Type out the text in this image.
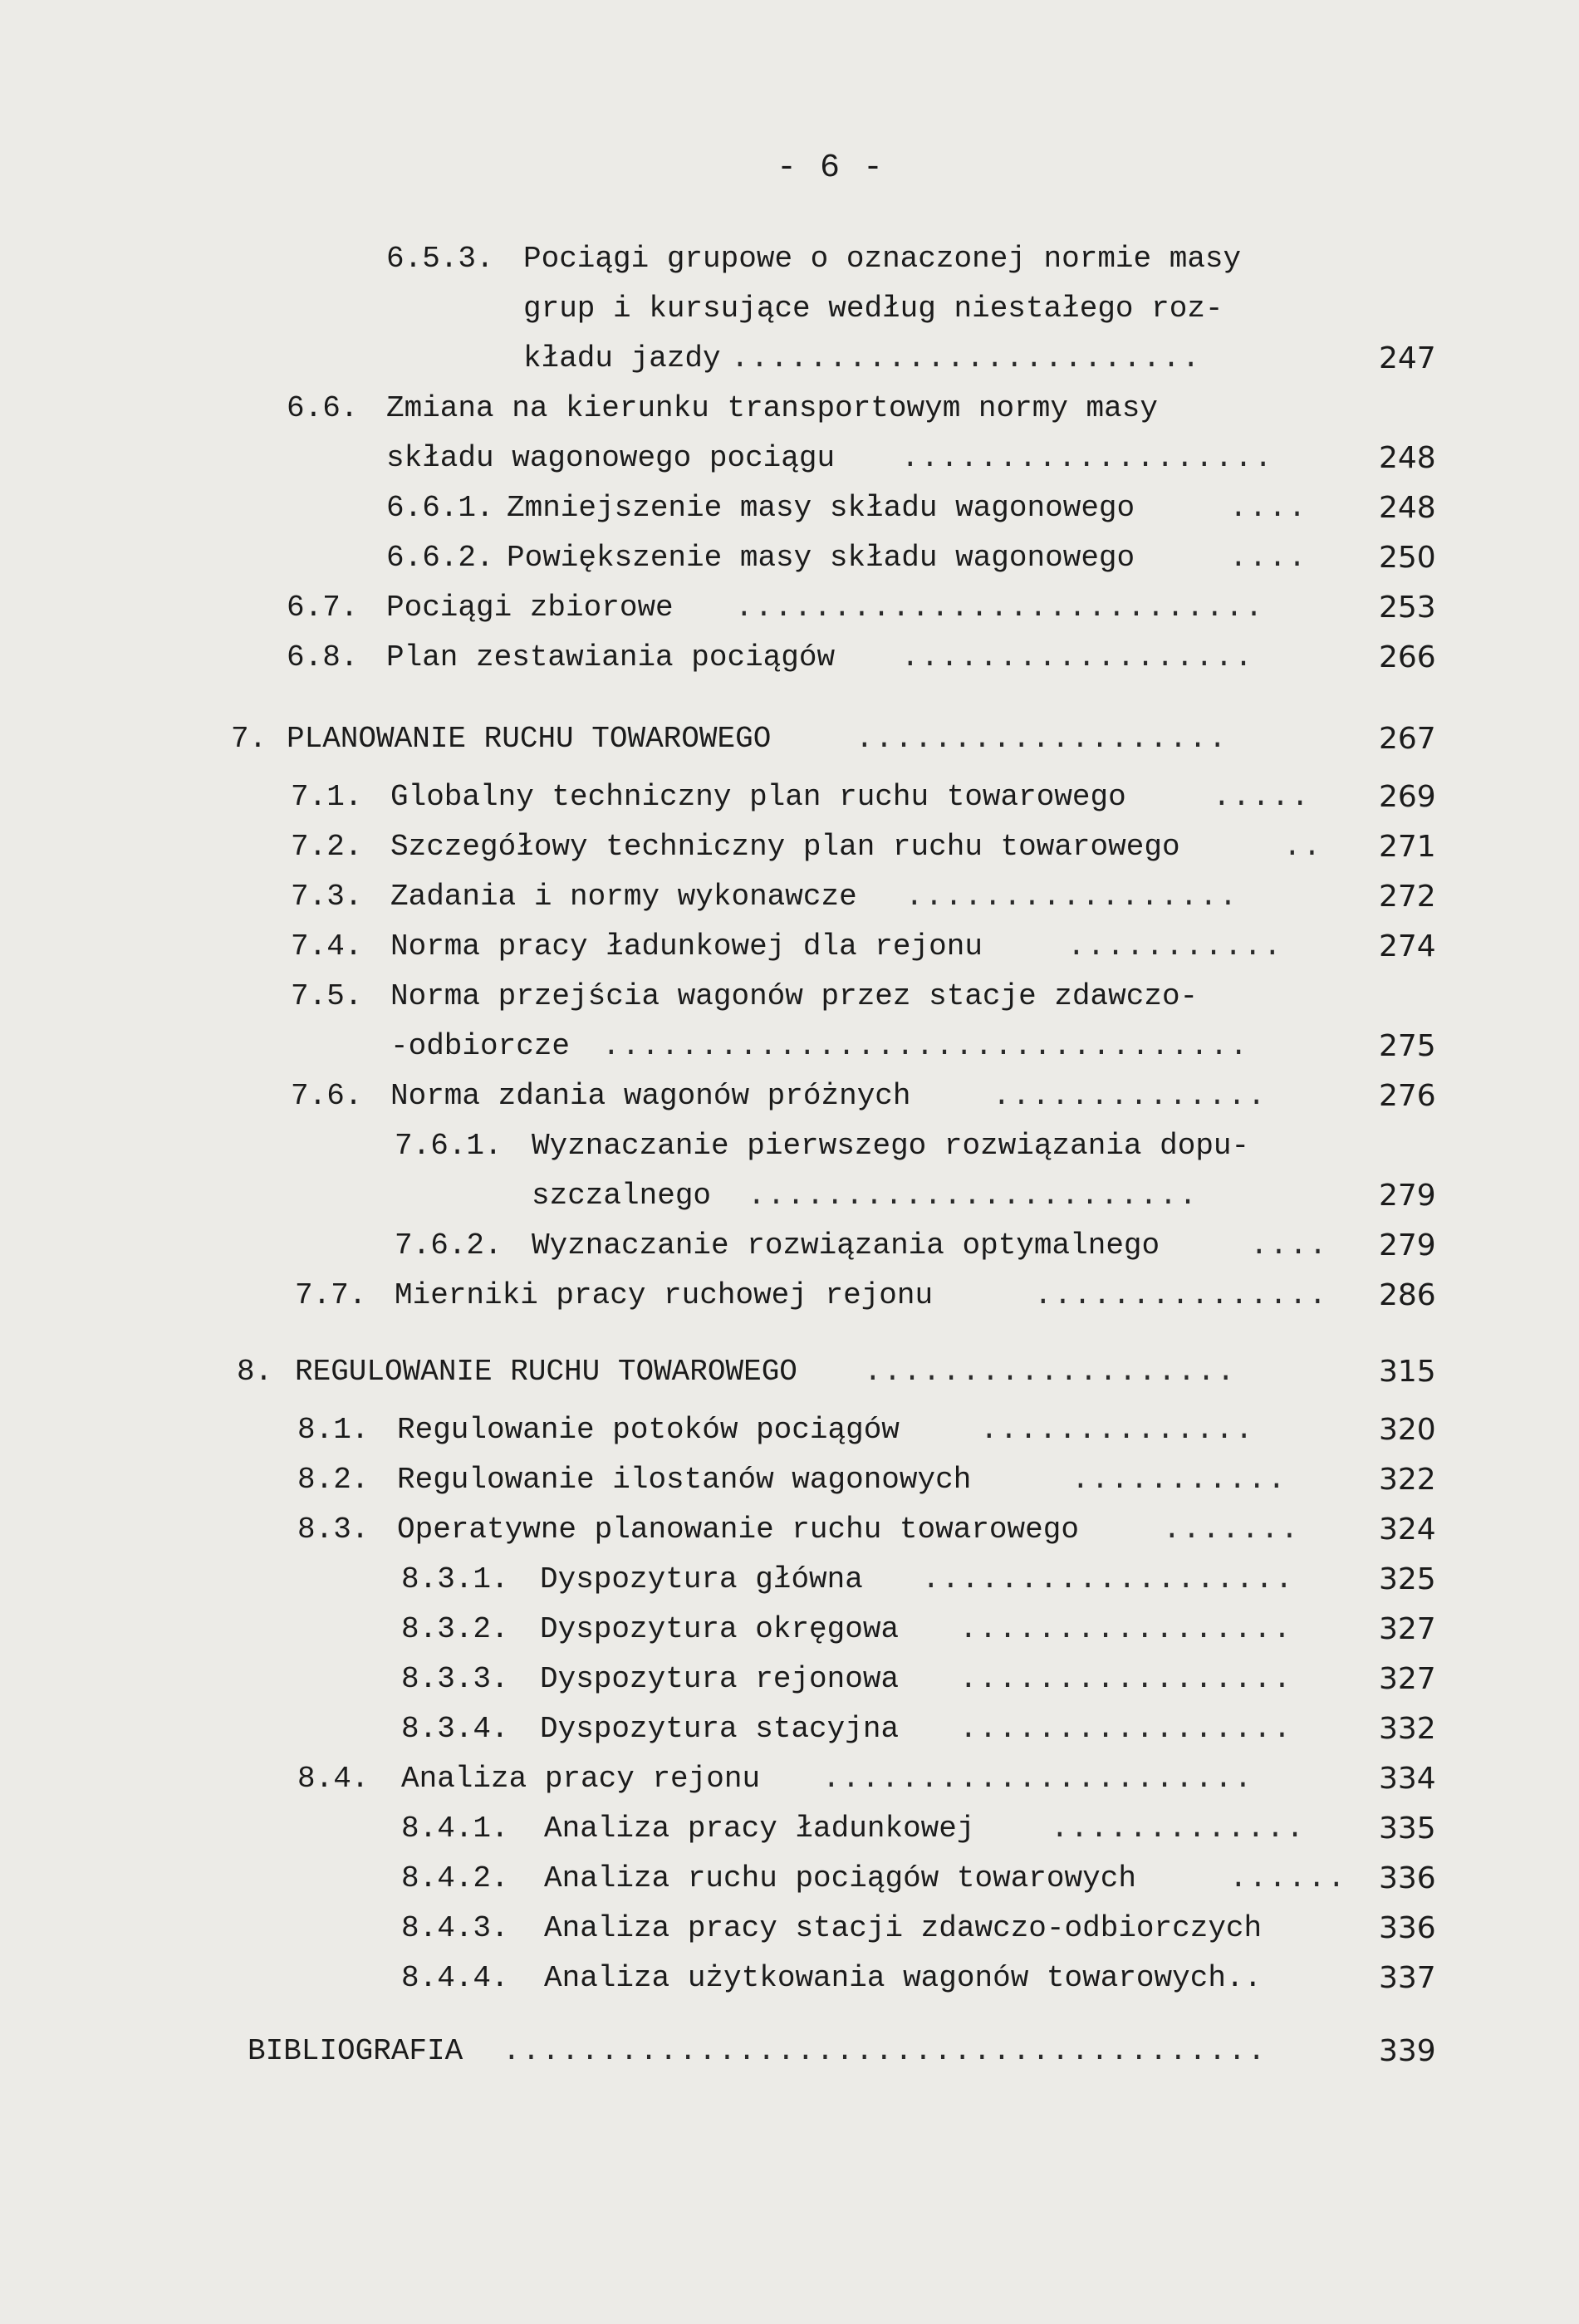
- 6 -
6.5.3. Pociągi grupowe o oznaczonej normie masy
grup i kursujące według niestałego roz-
kładu jazdy ........................	247
6.6. Zmiana na kierunku transportowym normy masy
składu wagonowego pociągu ...................	248
6.6.1. Zmniejszenie masy składu wagonowego	....	248
6.6.2. Powiększenie masy składu wagonowego	....	250
6.7. Pociągi zbiorowe ...........................	253
6.8. Plan zestawiania pociągów ..................	266
7. PLANOWANIE RUCHU TOWAROWEGO	...................	267
7.1. Globalny techniczny plan ruchu towarowego	.....	269
7.2. Szczegółowy techniczny plan ruchu towarowego	.. 271
7.3. Zadania i normy wykonawcze .................	272
7.4. Norma pracy ładunkowej dla rejonu	...........	274
7.5. Norma przejścia wagonów przez stacje zdawczo-
-odbiorcze .................................	275
7.6. Norma zdania wagonów próżnych	..............	276
7.6.1. Wyznaczanie pierwszego rozwiązania dopu-
szczalnego .......................	279
7.6.2. Wyznaczanie rozwiązania optymalnego	.... 279
7.7. Mierniki pracy ruchowej rejonu	............... 286
8. REGULOWANIE RUCHU TOWAROWEGO ...................	315
8.1. Regulowanie potoków pociągów	..............	320
8.2. Regulowanie ilostanów wagonowych	...........	322
8.3. Operatywne planowanie ruchu towarowego	.......	324
8.3.1. Dyspozytura główna ...................	325
8.3.2. Dyspozytura okręgowa .................	327
8.3.3. Dyspozytura rejonowa .................	327
8.3.4. Dyspozytura stacyjna .................	332
8.4. Analiza pracy rejonu ......................	334
8.4.1. Analiza pracy ładunkowej	.............	335
8.4.2. Analiza ruchu pociągów towarowych	...... 336
8.4.3. Analiza pracy stacji zdawczo-odbiorczych	336
8.4.4. Analiza użytkowania wagonów towarowych..	337
BIBLIOGRAFIA .......................................	339
